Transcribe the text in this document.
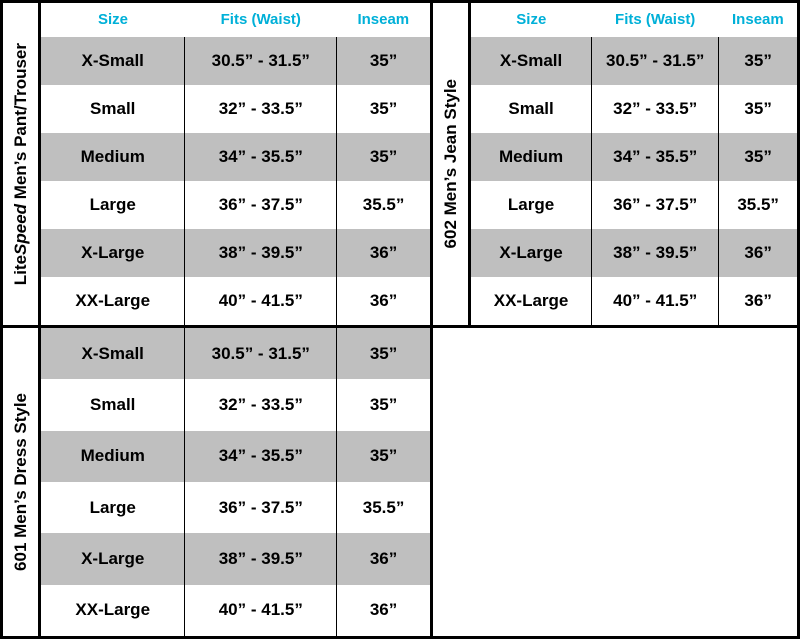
LiteSpeed Men’s Pant/Trouser
Size	Fits (Waist)	Inseam
X-Small	30.5” - 31.5”	35”
Small	32” - 33.5”	35”
Medium	34” - 35.5”	35”
Large	36” - 37.5”	35.5”
X-Large	38” - 39.5”	36”
XX-Large	40” - 41.5”	36”
602 Men’s Jean Style
Size	Fits (Waist)	Inseam
X-Small	30.5” - 31.5”	35”
Small	32” - 33.5”	35”
Medium	34” - 35.5”	35”
Large	36” - 37.5”	35.5”
X-Large	38” - 39.5”	36”
XX-Large	40” - 41.5”	36”
601 Men’s Dress Style
X-Small	30.5” - 31.5”	35”
Small	32” - 33.5”	35”
Medium	34” - 35.5”	35”
Large	36” - 37.5”	35.5”
X-Large	38” - 39.5”	36”
XX-Large	40” - 41.5”	36”
